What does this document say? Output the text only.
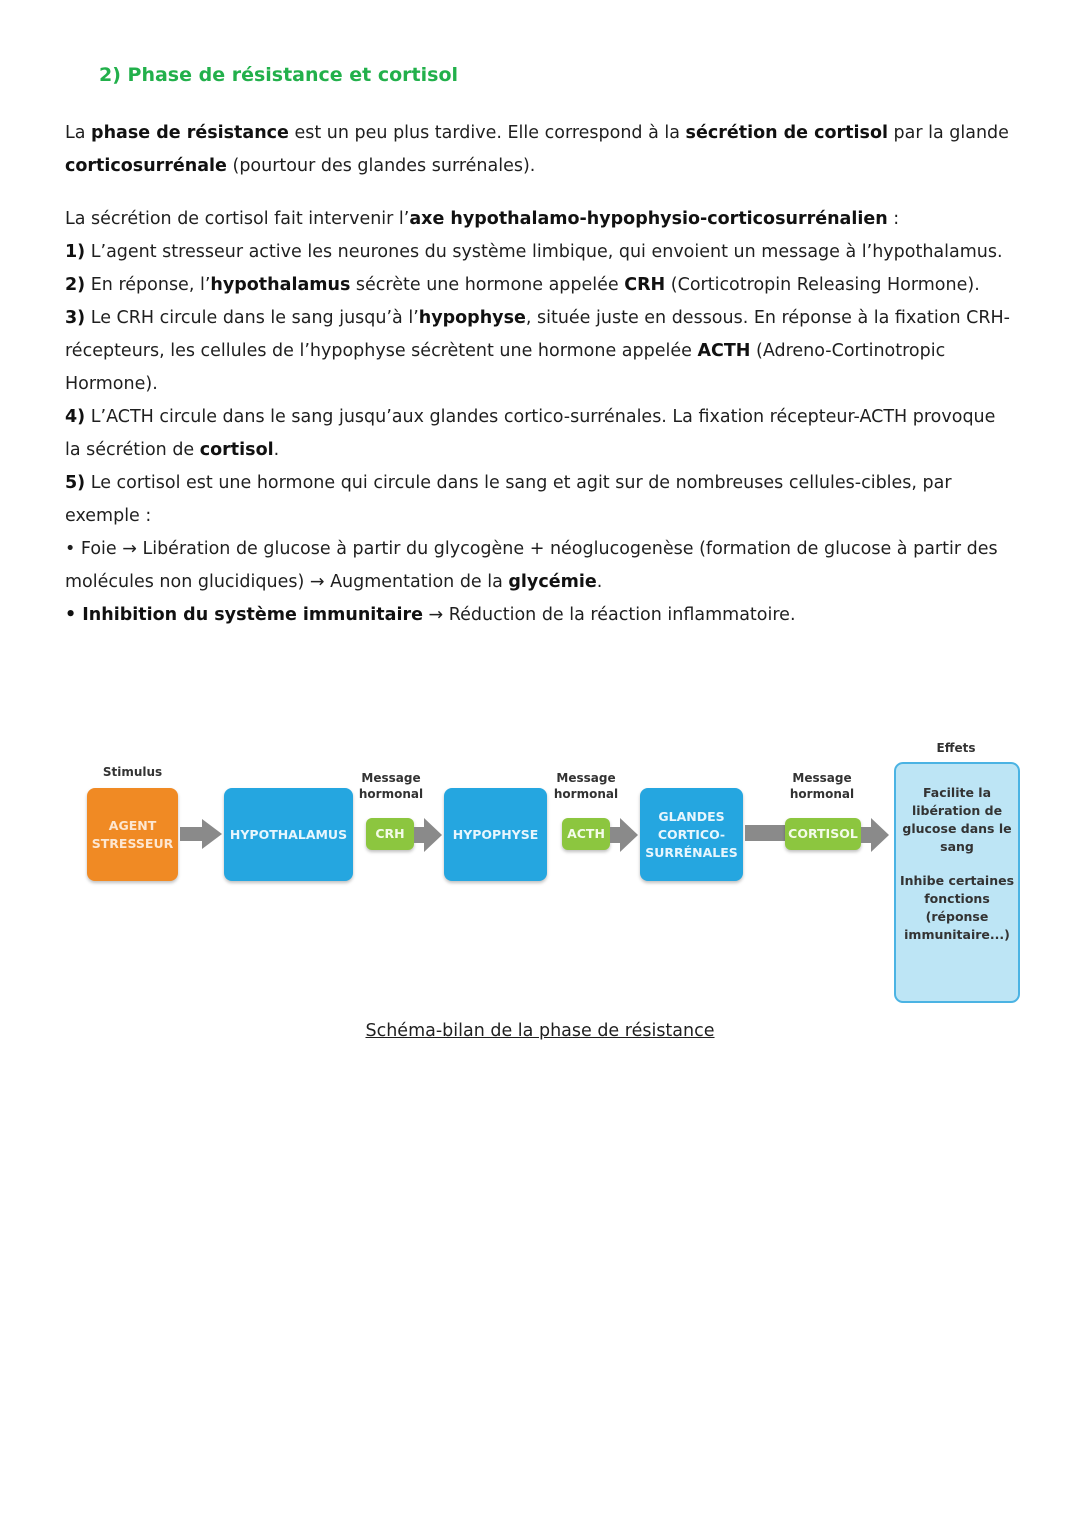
2) Phase de résistance et cortisol

La phase de résistance est un peu plus tardive. Elle correspond à la sécrétion de cortisol par la glande corticosurrénale (pourtour des glandes surrénales).

La sécrétion de cortisol fait intervenir l’axe hypothalamo-hypophysio-corticosurrénalien :

1) L’agent stresseur active les neurones du système limbique, qui envoient un message à l’hypothalamus.

2) En réponse, l’hypothalamus sécrète une hormone appelée CRH (Corticotropin Releasing Hormone).

3) Le CRH circule dans le sang jusqu’à l’hypophyse, située juste en dessous. En réponse à la fixation CRH-récepteurs, les cellules de l’hypophyse sécrètent une hormone appelée ACTH (Adreno-Cortinotropic Hormone).

4) L’ACTH circule dans le sang jusqu’aux glandes cortico-surrénales. La fixation récepteur-ACTH provoque la sécrétion de cortisol.

5) Le cortisol est une hormone qui circule dans le sang et agit sur de nombreuses cellules-cibles, par exemple :

• Foie → Libération de glucose à partir du glycogène + néoglucogenèse (formation de glucose à partir des molécules non glucidiques) → Augmentation de la glycémie.

• Inhibition du système immunitaire → Réduction de la réaction inflammatoire.

Stimulus
AGENT STRESSEUR
HYPOTHALAMUS
Message hormonal
CRH	HYPOPHYSE
Message hormonal
ACTH
GLANDES CORTICO-SURRÉNALES
Message hormonal
CORTISOL
Effets
Facilite la libération de glucose dans le sang
Inhibe certaines fonctions (réponse immunitaire...)
Schéma-bilan de la phase de résistance
